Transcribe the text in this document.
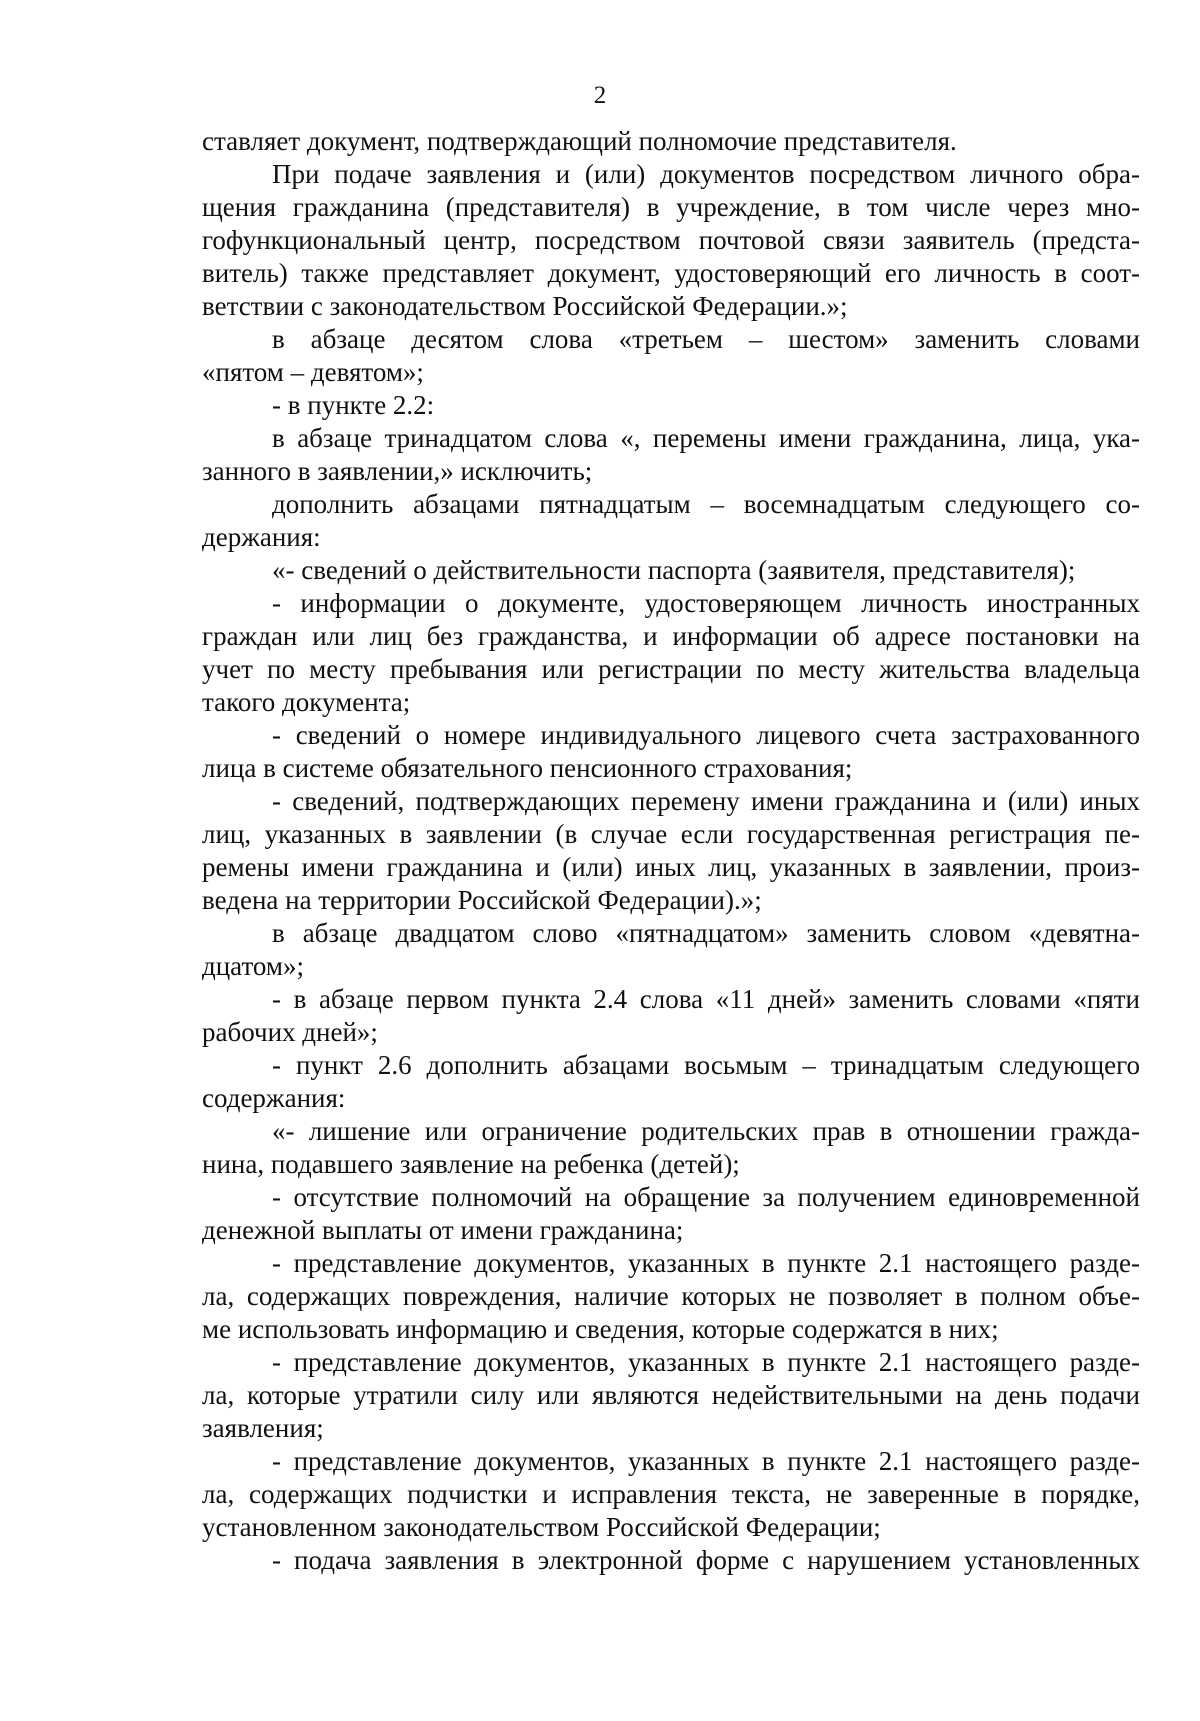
2
ставляет документ, подтверждающий полномочие представителя.
При подаче заявления и (или) документов посредством личного обра-
щения гражданина (представителя) в учреждение, в том числе через мно-
гофункциональный центр, посредством почтовой связи заявитель (предста-
витель) также представляет документ, удостоверяющий его личность в соот-
ветствии с законодательством Российской Федерации.»;
в абзаце десятом слова «третьем – шестом» заменить словами
«пятом – девятом»;
- в пункте 2.2:
в абзаце тринадцатом слова «, перемены имени гражданина, лица, ука-
занного в заявлении,» исключить;
дополнить абзацами пятнадцатым – восемнадцатым следующего со-
держания:
«- сведений о действительности паспорта (заявителя, представителя);
- информации о документе, удостоверяющем личность иностранных
граждан или лиц без гражданства, и информации об адресе постановки на
учет по месту пребывания или регистрации по месту жительства владельца
такого документа;
- сведений о номере индивидуального лицевого счета застрахованного
лица в системе обязательного пенсионного страхования;
- сведений, подтверждающих перемену имени гражданина и (или) иных
лиц, указанных в заявлении (в случае если государственная регистрация пе-
ремены имени гражданина и (или) иных лиц, указанных в заявлении, произ-
ведена на территории Российской Федерации).»;
в абзаце двадцатом слово «пятнадцатом» заменить словом «девятна-
дцатом»;
- в абзаце первом пункта 2.4 слова «11 дней» заменить словами «пяти
рабочих дней»;
- пункт 2.6 дополнить абзацами восьмым – тринадцатым следующего
содержания:
«- лишение или ограничение родительских прав в отношении гражда-
нина, подавшего заявление на ребенка (детей);
- отсутствие полномочий на обращение за получением единовременной
денежной выплаты от имени гражданина;
- представление документов, указанных в пункте 2.1 настоящего разде-
ла, содержащих повреждения, наличие которых не позволяет в полном объе-
ме использовать информацию и сведения, которые содержатся в них;
- представление документов, указанных в пункте 2.1 настоящего разде-
ла, которые утратили силу или являются недействительными на день подачи
заявления;
- представление документов, указанных в пункте 2.1 настоящего разде-
ла, содержащих подчистки и исправления текста, не заверенные в порядке,
установленном законодательством Российской Федерации;
- подача заявления в электронной форме с нарушением установленных
